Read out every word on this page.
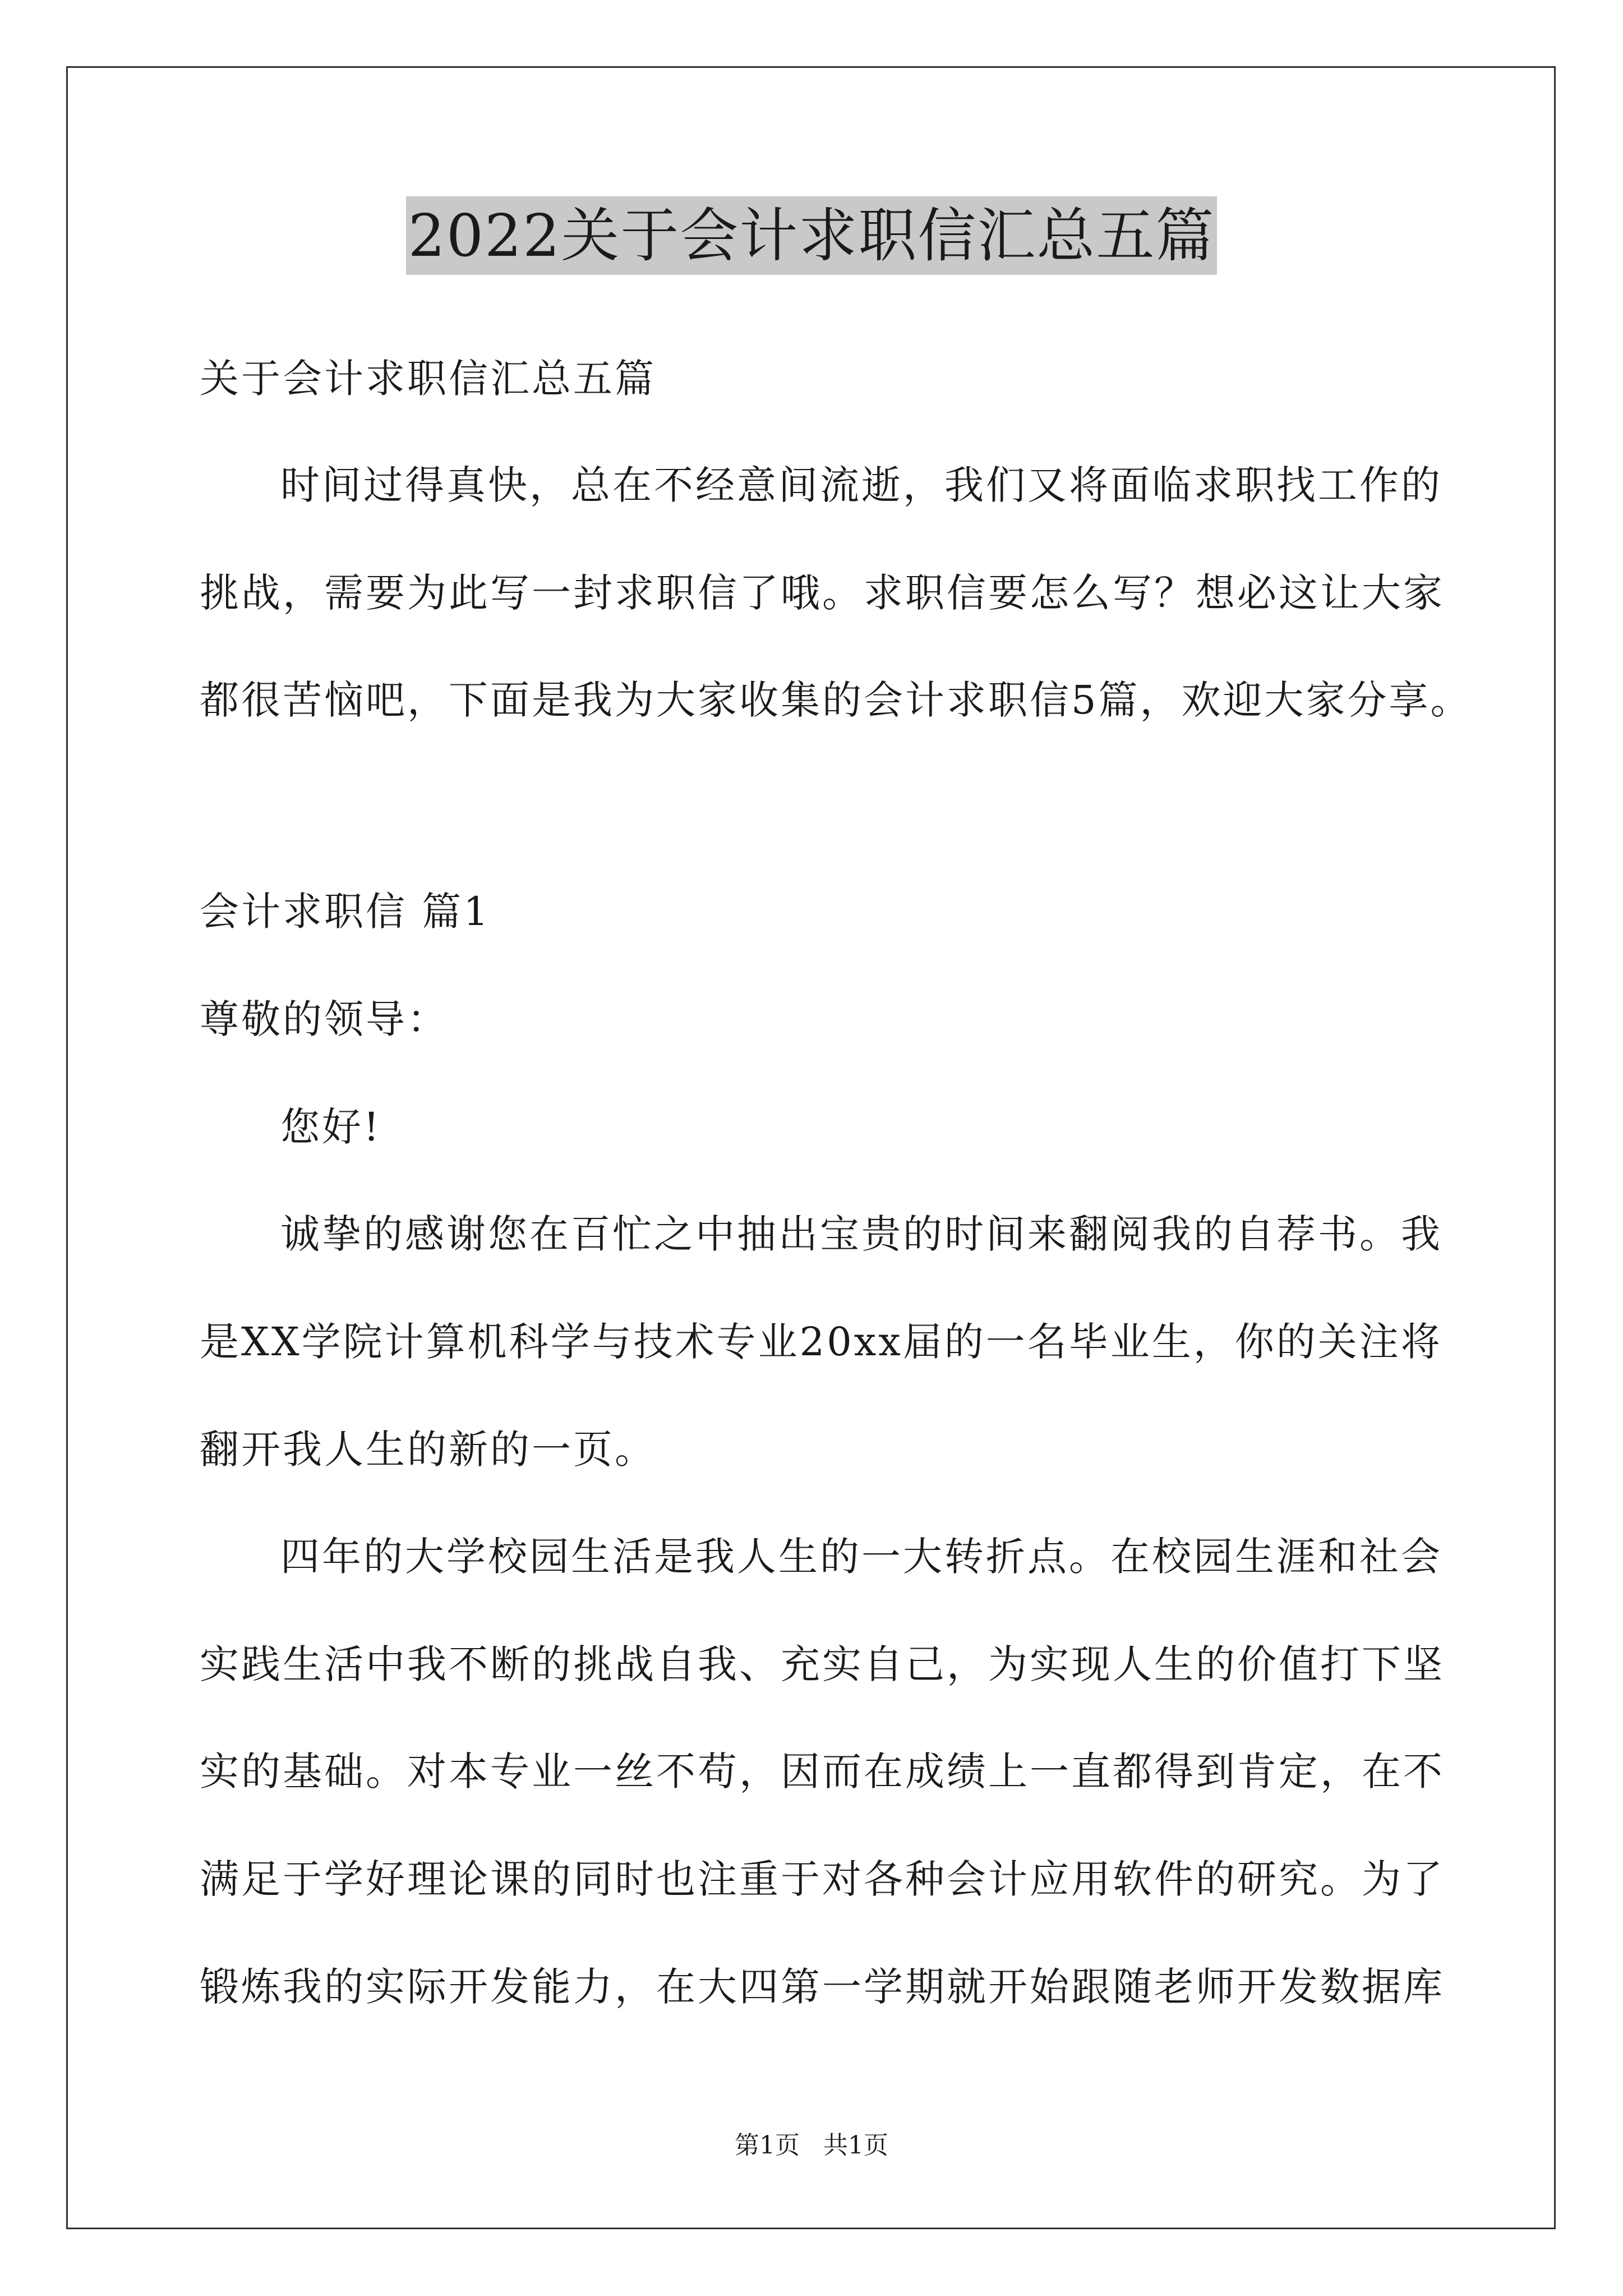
2022关于会计求职信汇总五篇
关于会计求职信汇总五篇
时间过得真快，总在不经意间流逝，我们又将面临求职找工作的
挑战，需要为此写一封求职信了哦。求职信要怎么写？想必这让大家
都很苦恼吧，下面是我为大家收集的会计求职信5篇，欢迎大家分享。
会计求职信 篇1
尊敬的领导：
您好!
诚挚的感谢您在百忙之中抽出宝贵的时间来翻阅我的自荐书。我
是XX学院计算机科学与技术专业20xx届的一名毕业生，你的关注将
翻开我人生的新的一页。
四年的大学校园生活是我人生的一大转折点。在校园生涯和社会
实践生活中我不断的挑战自我、充实自己，为实现人生的价值打下坚
实的基础。对本专业一丝不苟，因而在成绩上一直都得到肯定，在不
满足于学好理论课的同时也注重于对各种会计应用软件的研究。为了
锻炼我的实际开发能力，在大四第一学期就开始跟随老师开发数据库
第1页 共1页
